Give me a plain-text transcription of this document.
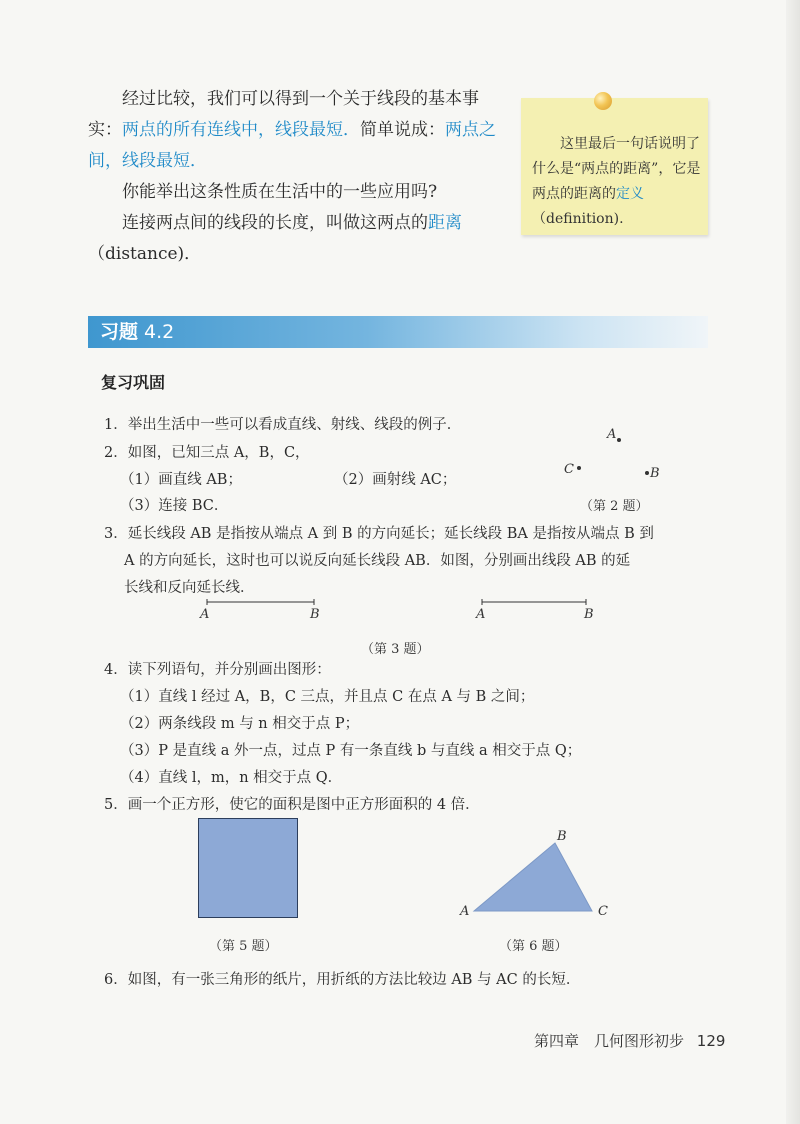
经过比较，我们可以得到一个关于线段的基本事实：两点的所有连线中，线段最短．简单说成：两点之间，线段最短．

你能举出这条性质在生活中的一些应用吗?

连接两点间的线段的长度，叫做这两点的距离（distance)．

这里最后一句话说明了什么是“两点的距离”，它是两点的距离的定义（definition).
习题 4.2
复习巩固
1．举出生活中一些可以看成直线、射线、线段的例子．
2．如图，已知三点 A，B，C，
（1）画直线 AB；	（2）画射线 AC；
（3）连接 BC．
A
C	B
（第 2 题）
3．延长线段 AB 是指按从端点 A 到 B 的方向延长；延长线段 BA 是指按从端点 B 到
A 的方向延长，这时也可以说反向延长线段 AB．如图，分别画出线段 AB 的延
长线和反向延长线．
A	B	A	B
（第 3 题）
4．读下列语句，并分别画出图形：
（1）直线 l 经过 A，B，C 三点，并且点 C 在点 A 与 B 之间；
（2）两条线段 m 与 n 相交于点 P；
（3）P 是直线 a 外一点，过点 P 有一条直线 b 与直线 a 相交于点 Q；
（4）直线 l，m，n 相交于点 Q．
5．画一个正方形，使它的面积是图中正方形面积的 4 倍．
（第 5 题）
B
A	C
（第 6 题）
6．如图，有一张三角形的纸片，用折纸的方法比较边 AB 与 AC 的长短．
第四章　几何图形初步 129
